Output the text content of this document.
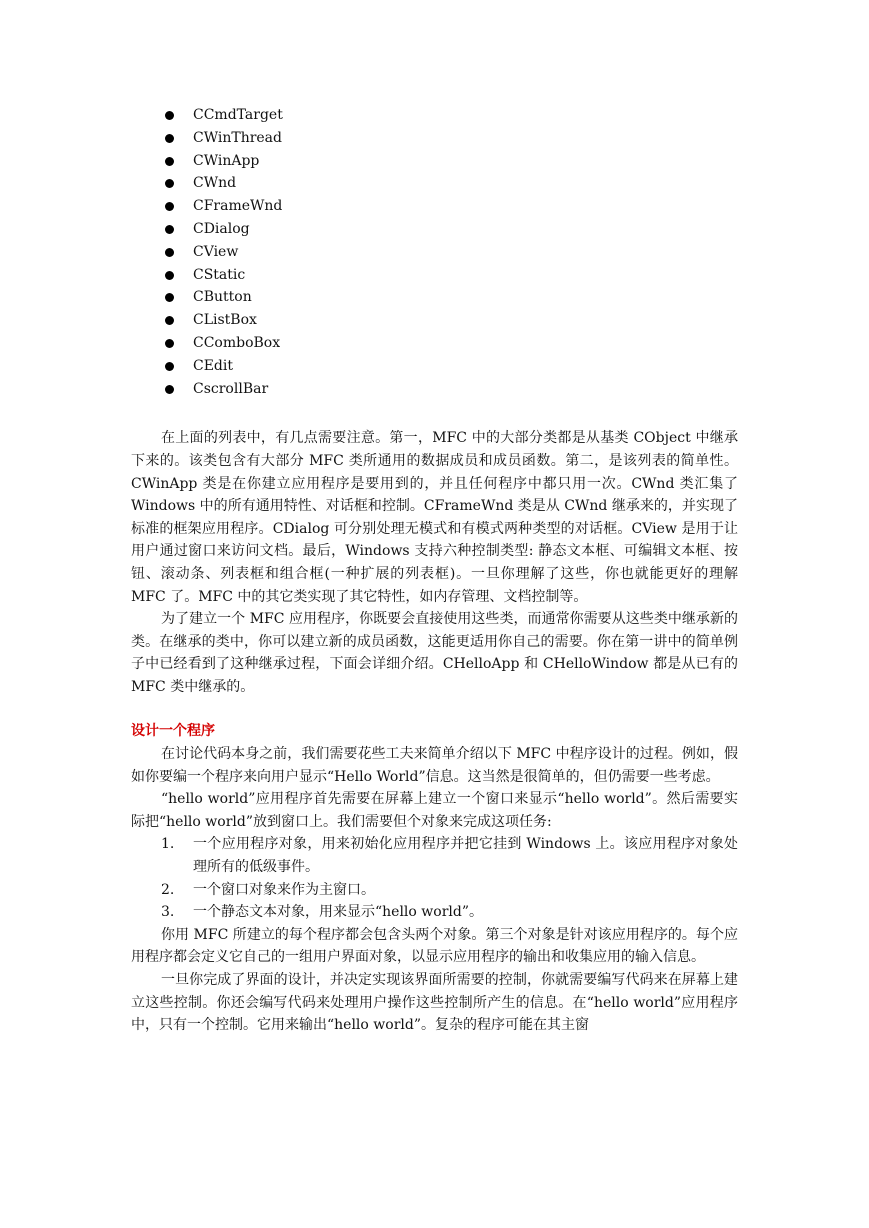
CCmdTarget
CWinThread
CWinApp
CWnd
CFrameWnd
CDialog
CView
CStatic
CButton
CListBox
CComboBox
CEdit
CscrollBar

在上面的列表中，有几点需要注意。第一，MFC 中的大部分类都是从基类 CObject 中继承下来的。该类包含有大部分 MFC 类所通用的数据成员和成员函数。第二，是该列表的简单性。CWinApp 类是在你建立应用程序是要用到的，并且任何程序中都只用一次。CWnd 类汇集了 Windows 中的所有通用特性、对话框和控制。CFrameWnd 类是从 CWnd 继承来的，并实现了标准的框架应用程序。CDialog 可分别处理无模式和有模式两种类型的对话框。CView 是用于让用户通过窗口来访问文档。最后，Windows 支持六种控制类型: 静态文本框、可编辑文本框、按钮、滚动条、列表框和组合框(一种扩展的列表框)。一旦你理解了这些，你也就能更好的理解 MFC 了。MFC 中的其它类实现了其它特性，如内存管理、文档控制等。

为了建立一个 MFC 应用程序，你既要会直接使用这些类，而通常你需要从这些类中继承新的类。在继承的类中，你可以建立新的成员函数，这能更适用你自己的需要。你在第一讲中的简单例子中已经看到了这种继承过程，下面会详细介绍。CHelloApp 和 CHelloWindow 都是从已有的 MFC 类中继承的。

设计一个程序

在讨论代码本身之前，我们需要花些工夫来简单介绍以下 MFC 中程序设计的过程。例如，假如你要编一个程序来向用户显示“Hello World”信息。这当然是很简单的，但仍需要一些考虑。

“hello world”应用程序首先需要在屏幕上建立一个窗口来显示“hello world”。然后需要实际把“hello world”放到窗口上。我们需要但个对象来完成这项任务:

1. 一个应用程序对象，用来初始化应用程序并把它挂到 Windows 上。该应用程序对象处理所有的低级事件。
2. 一个窗口对象来作为主窗口。
3. 一个静态文本对象，用来显示“hello world”。

你用 MFC 所建立的每个程序都会包含头两个对象。第三个对象是针对该应用程序的。每个应用程序都会定义它自己的一组用户界面对象，以显示应用程序的输出和收集应用的输入信息。

一旦你完成了界面的设计，并决定实现该界面所需要的控制，你就需要编写代码来在屏幕上建立这些控制。你还会编写代码来处理用户操作这些控制所产生的信息。在“hello world”应用程序中，只有一个控制。它用来输出“hello world”。复杂的程序可能在其主窗
